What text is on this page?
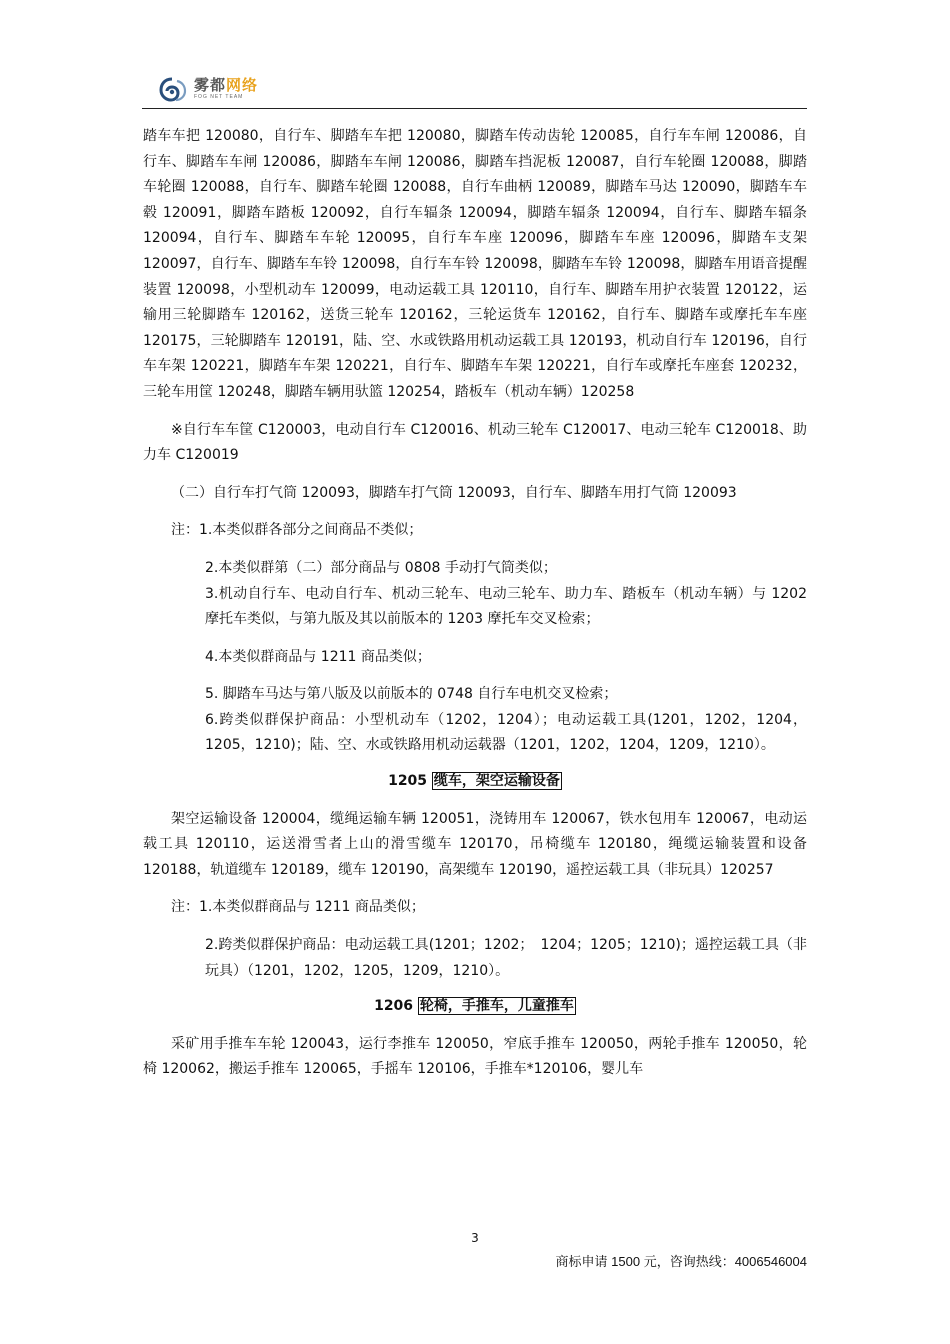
雾都网络
FOG NET TEAM

踏车车把 120080，自行车、脚踏车车把 120080，脚踏车传动齿轮 120085，自行车车闸 120086，自行车、脚踏车车闸 120086，脚踏车车闸 120086，脚踏车挡泥板 120087，自行车轮圈 120088，脚踏车轮圈 120088，自行车、脚踏车轮圈 120088，自行车曲柄 120089，脚踏车马达 120090，脚踏车车毂 120091，脚踏车踏板 120092，自行车辐条 120094，脚踏车辐条 120094，自行车、脚踏车辐条 120094，自行车、脚踏车车轮 120095，自行车车座 120096，脚踏车车座 120096，脚踏车支架 120097，自行车、脚踏车车铃 120098，自行车车铃 120098，脚踏车车铃 120098，脚踏车用语音提醒装置 120098，小型机动车 120099，电动运载工具 120110，自行车、脚踏车用护衣装置 120122，运输用三轮脚踏车 120162，送货三轮车 120162，三轮运货车 120162，自行车、脚踏车或摩托车车座 120175，三轮脚踏车 120191，陆、空、水或铁路用机动运载工具 120193，机动自行车 120196，自行车车架 120221，脚踏车车架 120221，自行车、脚踏车车架 120221，自行车或摩托车座套 120232，三轮车用筐 120248，脚踏车辆用驮篮 120254，踏板车（机动车辆）120258

※自行车车筐 C120003，电动自行车 C120016、机动三轮车 C120017、电动三轮车 C120018、助力车 C120019

（二）自行车打气筒 120093，脚踏车打气筒 120093，自行车、脚踏车用打气筒 120093

注：1.本类似群各部分之间商品不类似；

2.本类似群第（二）部分商品与 0808 手动打气筒类似；

3.机动自行车、电动自行车、机动三轮车、电动三轮车、助力车、踏板车（机动车辆）与 1202 摩托车类似，与第九版及其以前版本的 1203 摩托车交叉检索；

4.本类似群商品与 1211 商品类似；

5. 脚踏车马达与第八版及以前版本的 0748 自行车电机交叉检索；

6.跨类似群保护商品：小型机动车（1202，1204）；电动运载工具(1201，1202，1204，1205，1210)；陆、空、水或铁路用机动运载器（1201，1202，1204，1209，1210）。

1205 缆车，架空运输设备

架空运输设备 120004，缆绳运输车辆 120051，浇铸用车 120067，铁水包用车 120067，电动运载工具 120110，运送滑雪者上山的滑雪缆车 120170，吊椅缆车 120180，绳缆运输装置和设备 120188，轨道缆车 120189，缆车 120190，高架缆车 120190，遥控运载工具（非玩具）120257

注：1.本类似群商品与 1211 商品类似；

2.跨类似群保护商品：电动运载工具(1201；1202；　1204；1205；1210)；遥控运载工具（非玩具）（1201，1202，1205，1209，1210）。

1206 轮椅，手推车，儿童推车

采矿用手推车车轮 120043，运行李推车 120050，窄底手推车 120050，两轮手推车 120050，轮椅 120062，搬运手推车 120065，手摇车 120106，手推车*120106，婴儿车

3
商标申请 1500 元，咨询热线：4006546004
